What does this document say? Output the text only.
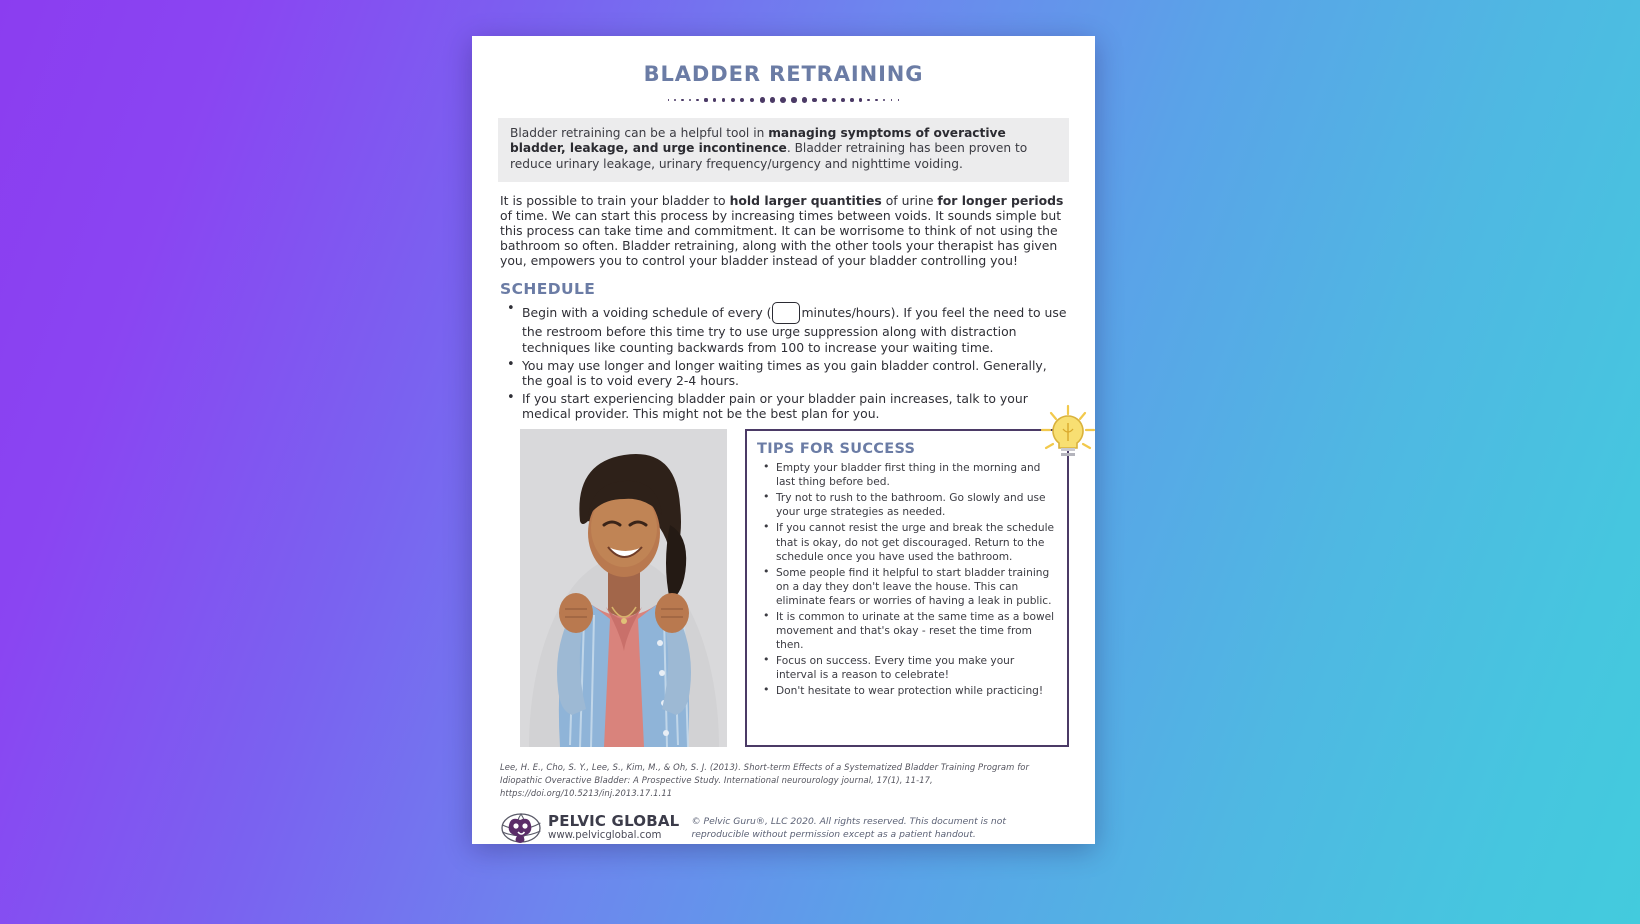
BLADDER RETRAINING
Bladder retraining can be a helpful tool in managing symptoms of overactive bladder, leakage, and urge incontinence. Bladder retraining has been proven to reduce urinary leakage, urinary frequency/urgency and nighttime voiding.
It is possible to train your bladder to hold larger quantities of urine for longer periods of time. We can start this process by increasing times between voids. It sounds simple but this process can take time and commitment. It can be worrisome to think of not using the bathroom so often. Bladder retraining, along with the other tools your therapist has given you, empowers you to control your bladder instead of your bladder controlling you!
SCHEDULE
• Begin with a voiding schedule of every ( minutes/hours). If you feel the need to use the restroom before this time try to use urge suppression along with distraction techniques like counting backwards from 100 to increase your waiting time.
• You may use longer and longer waiting times as you gain bladder control. Generally, the goal is to void every 2-4 hours.
• If you start experiencing bladder pain or your bladder pain increases, talk to your medical provider. This might not be the best plan for you.
TIPS FOR SUCCESS
• Empty your bladder first thing in the morning and last thing before bed.
• Try not to rush to the bathroom. Go slowly and use your urge strategies as needed.
• If you cannot resist the urge and break the schedule that is okay, do not get discouraged. Return to the schedule once you have used the bathroom.
• Some people find it helpful to start bladder training on a day they don't leave the house. This can eliminate fears or worries of having a leak in public.
• It is common to urinate at the same time as a bowel movement and that's okay - reset the time from then.
• Focus on success. Every time you make your interval is a reason to celebrate!
• Don't hesitate to wear protection while practicing!
Lee, H. E., Cho, S. Y., Lee, S., Kim, M., & Oh, S. J. (2013). Short-term Effects of a Systematized Bladder Training Program for
Idiopathic Overactive Bladder: A Prospective Study. International neurourology journal, 17(1), 11-17,
https://doi.org/10.5213/inj.2013.17.1.11
PELVIC GLOBAL
www.pelvicglobal.com
© Pelvic Guru®, LLC 2020. All rights reserved. This document is not
reproducible without permission except as a patient handout.
